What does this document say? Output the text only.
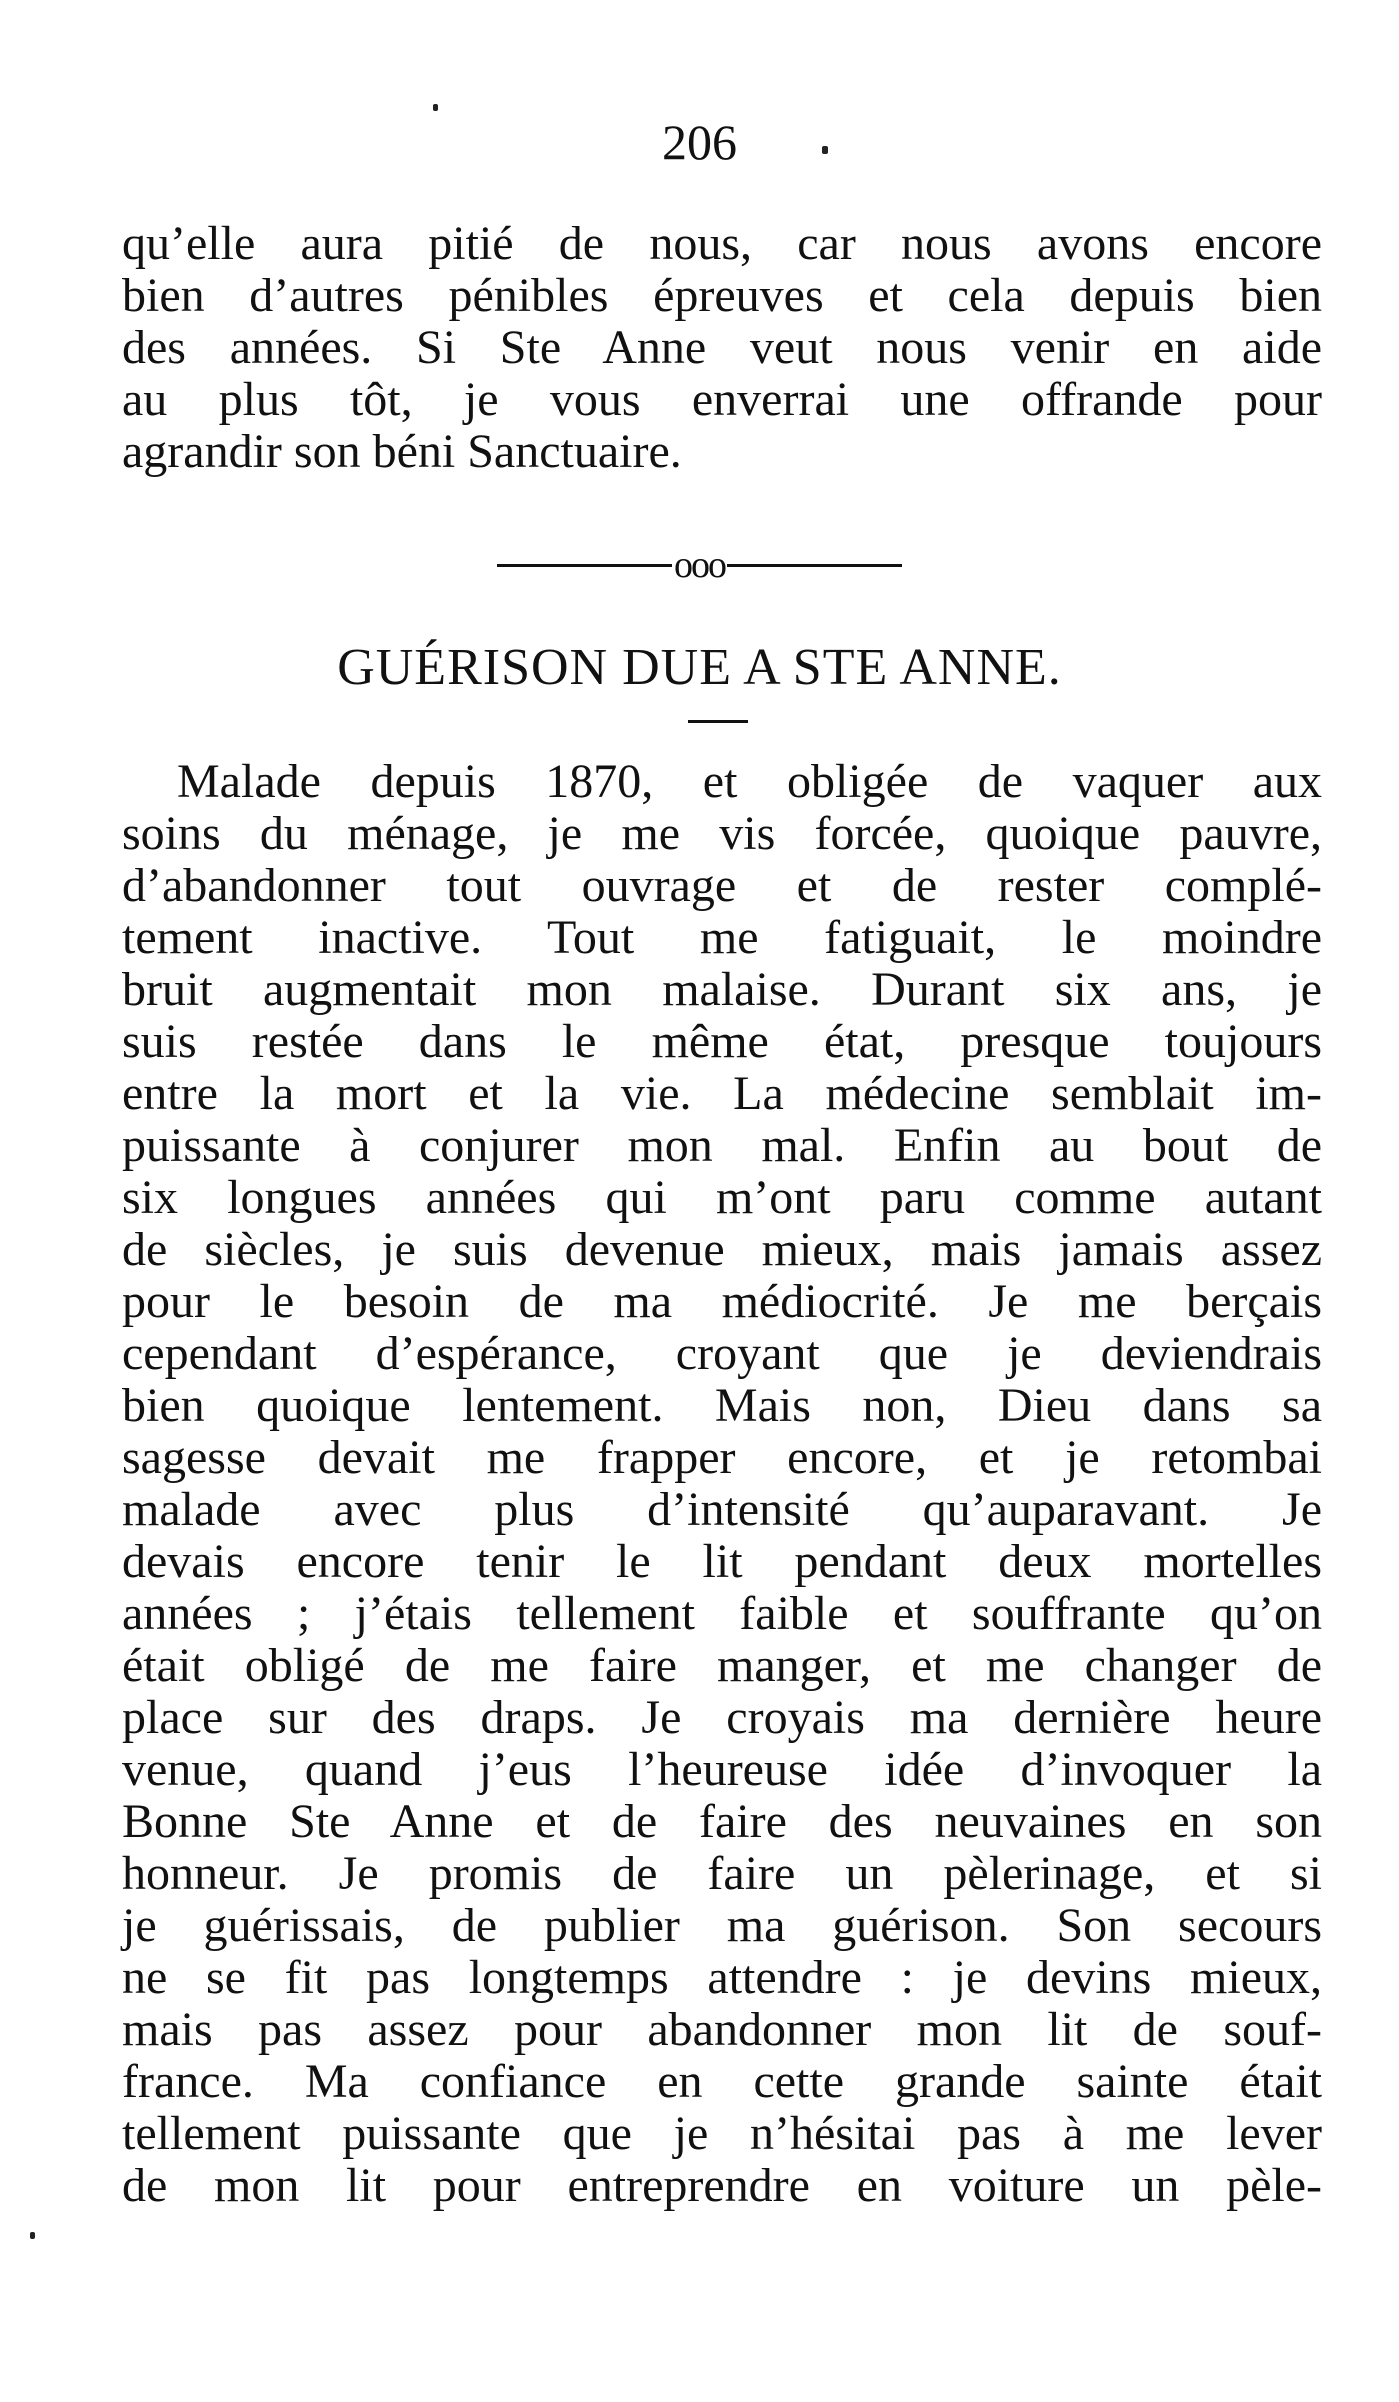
206
qu’elle aura pitié de nous, car nous avons encore
bien d’autres pénibles épreuves et cela depuis bien
des années. Si Ste Anne veut nous venir en aide
au plus tôt, je vous enverrai une offrande pour
agrandir son béni Sanctuaire.
ooo
GUÉRISON DUE A STE ANNE.
Malade depuis 1870, et obligée de vaquer aux
soins du ménage, je me vis forcée, quoique pauvre,
d’abandonner tout ouvrage et de rester complé-
tement inactive. Tout me fatiguait, le moindre
bruit augmentait mon malaise. Durant six ans, je
suis restée dans le même état, presque toujours
entre la mort et la vie. La médecine semblait im-
puissante à conjurer mon mal. Enfin au bout de
six longues années qui m’ont paru comme autant
de siècles, je suis devenue mieux, mais jamais assez
pour le besoin de ma médiocrité. Je me berçais
cependant d’espérance, croyant que je deviendrais
bien quoique lentement. Mais non, Dieu dans sa
sagesse devait me frapper encore, et je retombai
malade avec plus d’intensité qu’auparavant. Je
devais encore tenir le lit pendant deux mortelles
années ; j’étais tellement faible et souffrante qu’on
était obligé de me faire manger, et me changer de
place sur des draps. Je croyais ma dernière heure
venue, quand j’eus l’heureuse idée d’invoquer la
Bonne Ste Anne et de faire des neuvaines en son
honneur. Je promis de faire un pèlerinage, et si
je guérissais, de publier ma guérison. Son secours
ne se fit pas longtemps attendre : je devins mieux,
mais pas assez pour abandonner mon lit de souf-
france. Ma confiance en cette grande sainte était
tellement puissante que je n’hésitai pas à me lever
de mon lit pour entreprendre en voiture un pèle-
